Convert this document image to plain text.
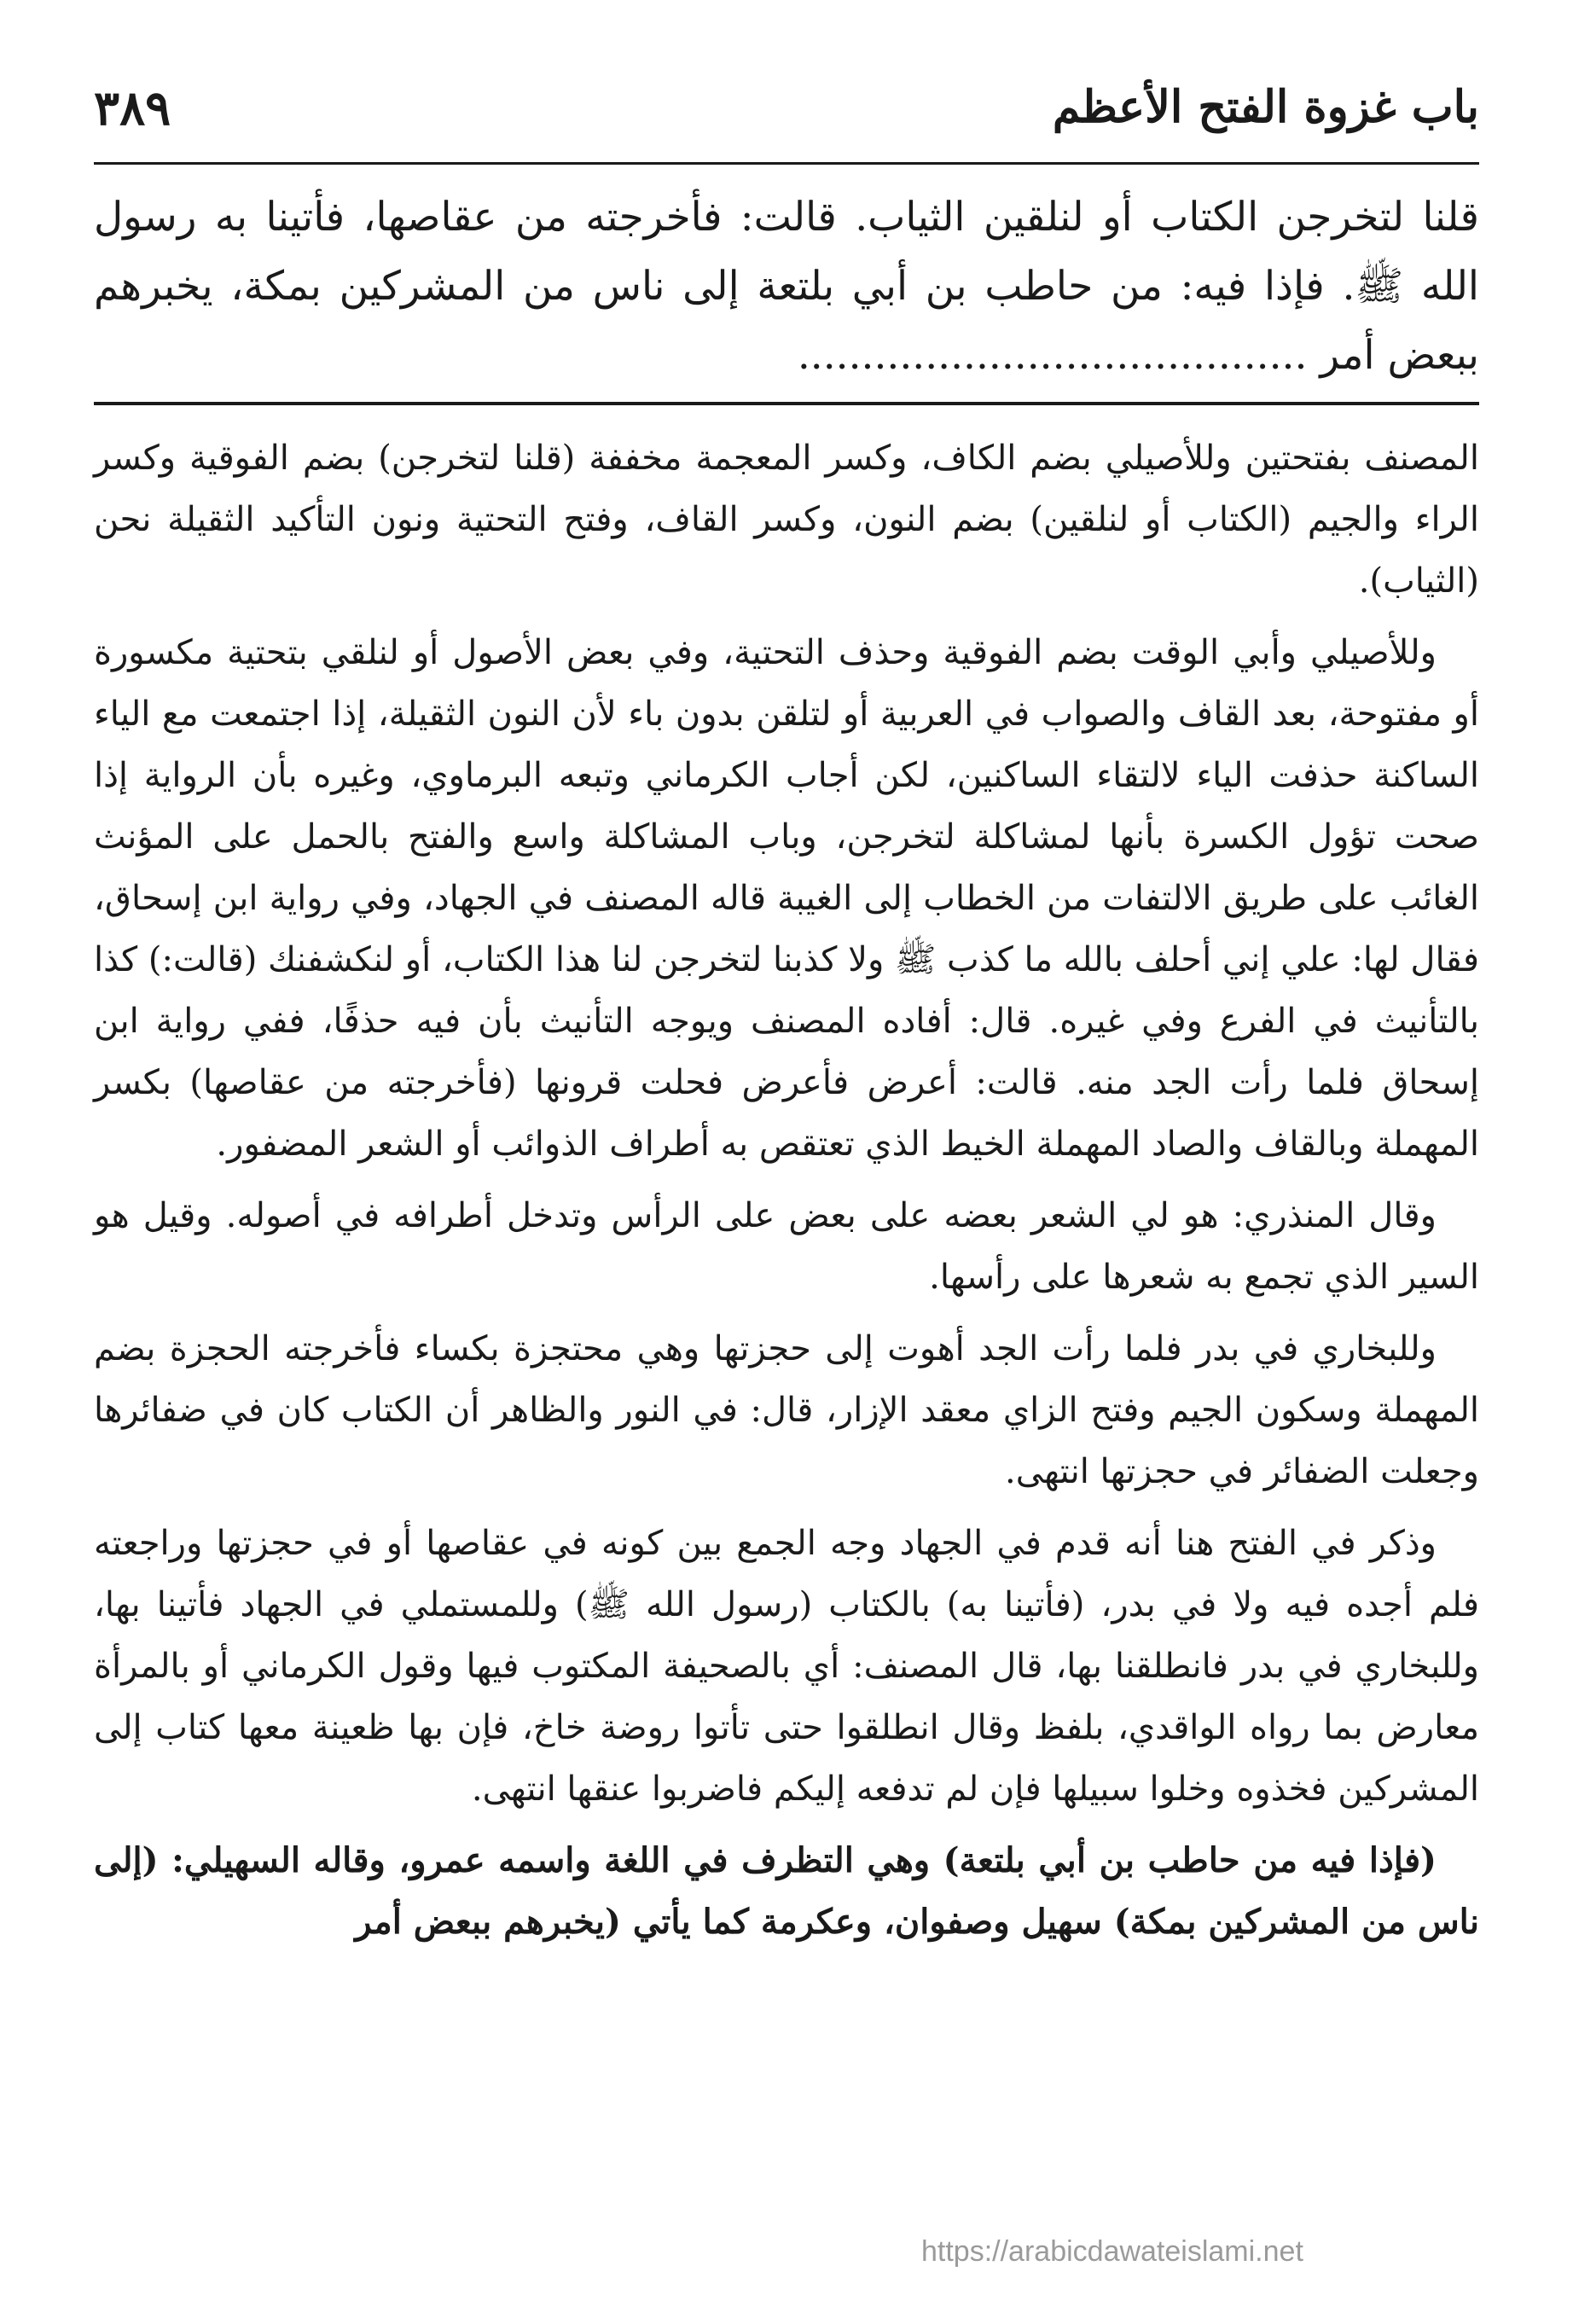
باب غزوة الفتح الأعظم
٣٨٩

قلنا لتخرجن الكتاب أو لنلقين الثياب. قالت: فأخرجته من عقاصها، فأتينا به رسول الله ﷺ. فإذا فيه: من حاطب بن أبي بلتعة إلى ناس من المشركين بمكة، يخبرهم ببعض أمر ........................................

المصنف بفتحتين وللأصيلي بضم الكاف، وكسر المعجمة مخففة (قلنا لتخرجن) بضم الفوقية وكسر الراء والجيم (الكتاب أو لنلقين) بضم النون، وكسر القاف، وفتح التحتية ونون التأكيد الثقيلة نحن (الثياب).

وللأصيلي وأبي الوقت بضم الفوقية وحذف التحتية، وفي بعض الأصول أو لنلقي بتحتية مكسورة أو مفتوحة، بعد القاف والصواب في العربية أو لتلقن بدون باء لأن النون الثقيلة، إذا اجتمعت مع الياء الساكنة حذفت الياء لالتقاء الساكنين، لكن أجاب الكرماني وتبعه البرماوي، وغيره بأن الرواية إذا صحت تؤول الكسرة بأنها لمشاكلة لتخرجن، وباب المشاكلة واسع والفتح بالحمل على المؤنث الغائب على طريق الالتفات من الخطاب إلى الغيبة قاله المصنف في الجهاد، وفي رواية ابن إسحاق، فقال لها: علي إني أحلف بالله ما كذب ﷺ ولا كذبنا لتخرجن لنا هذا الكتاب، أو لنكشفنك (قالت:) كذا بالتأنيث في الفرع وفي غيره. قال: أفاده المصنف ويوجه التأنيث بأن فيه حذفًا، ففي رواية ابن إسحاق فلما رأت الجد منه. قالت: أعرض فأعرض فحلت قرونها (فأخرجته من عقاصها) بكسر المهملة وبالقاف والصاد المهملة الخيط الذي تعتقص به أطراف الذوائب أو الشعر المضفور.

وقال المنذري: هو لي الشعر بعضه على بعض على الرأس وتدخل أطرافه في أصوله. وقيل هو السير الذي تجمع به شعرها على رأسها.

وللبخاري في بدر فلما رأت الجد أهوت إلى حجزتها وهي محتجزة بكساء فأخرجته الحجزة بضم المهملة وسكون الجيم وفتح الزاي معقد الإزار، قال: في النور والظاهر أن الكتاب كان في ضفائرها وجعلت الضفائر في حجزتها انتهى.

وذكر في الفتح هنا أنه قدم في الجهاد وجه الجمع بين كونه في عقاصها أو في حجزتها وراجعته فلم أجده فيه ولا في بدر، (فأتينا به) بالكتاب (رسول الله ﷺ) وللمستملي في الجهاد فأتينا بها، وللبخاري في بدر فانطلقنا بها، قال المصنف: أي بالصحيفة المكتوب فيها وقول الكرماني أو بالمرأة معارض بما رواه الواقدي، بلفظ وقال انطلقوا حتى تأتوا روضة خاخ، فإن بها ظعينة معها كتاب إلى المشركين فخذوه وخلوا سبيلها فإن لم تدفعه إليكم فاضربوا عنقها انتهى.

(فإذا فيه من حاطب بن أبي بلتعة) وهي التظرف في اللغة واسمه عمرو، وقاله السهيلي: (إلى ناس من المشركين بمكة) سهيل وصفوان، وعكرمة كما يأتي (يخبرهم ببعض أمر

https://arabicdawateislami.net
